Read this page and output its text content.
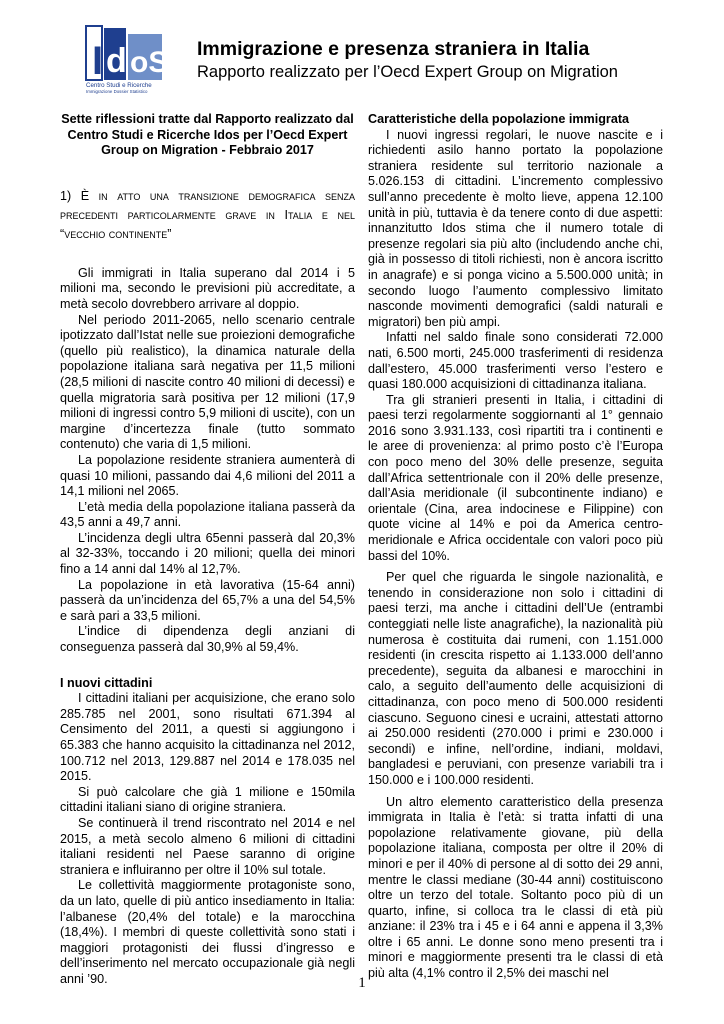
I d oS
Centro Studi e Ricerche
Immigrazione Dossier Statistico
Immigrazione e presenza straniera in Italia
Rapporto realizzato per l’Oecd Expert Group on Migration
Sette riflessioni tratte dal Rapporto realizzato dal Centro Studi e Ricerche Idos per l’Oecd Expert Group on Migration - Febbraio 2017
1) È in atto una transizione demografica senza precedenti particolarmente grave in Italia e nel “vecchio continente”

Gli immigrati in Italia superano dal 2014 i 5 milioni ma, secondo le previsioni più accreditate, a metà secolo dovrebbero arrivare al doppio.

Nel periodo 2011-2065, nello scenario centrale ipotizzato dall’Istat nelle sue proiezioni demografiche (quello più realistico), la dinamica naturale della popolazione italiana sarà negativa per 11,5 milioni (28,5 milioni di nascite contro 40 milioni di decessi) e quella migratoria sarà positiva per 12 milioni (17,9 milioni di ingressi contro 5,9 milioni di uscite), con un margine d’incertezza finale (tutto sommato contenuto) che varia di 1,5 milioni.

La popolazione residente straniera aumenterà di quasi 10 milioni, passando dai 4,6 milioni del 2011 a 14,1 milioni nel 2065.

L’età media della popolazione italiana passerà da 43,5 anni a 49,7 anni.

L’incidenza degli ultra 65enni passerà dal 20,3% al 32-33%, toccando i 20 milioni; quella dei minori fino a 14 anni dal 14% al 12,7%.

La popolazione in età lavorativa (15-64 anni) passerà da un’incidenza del 65,7% a una del 54,5% e sarà pari a 33,5 milioni.

L’indice di dipendenza degli anziani di conseguenza passerà dal 30,9% al 59,4%.

I nuovi cittadini

I cittadini italiani per acquisizione, che erano solo 285.785 nel 2001, sono risultati 671.394 al Censimento del 2011, a questi si aggiungono i 65.383 che hanno acquisito la cittadinanza nel 2012, 100.712 nel 2013, 129.887 nel 2014 e 178.035 nel 2015.

Si può calcolare che già 1 milione e 150mila cittadini italiani siano di origine straniera.

Se continuerà il trend riscontrato nel 2014 e nel 2015, a metà secolo almeno 6 milioni di cittadini italiani residenti nel Paese saranno di origine straniera e influiranno per oltre il 10% sul totale.

Le collettività maggiormente protagoniste sono, da un lato, quelle di più antico insediamento in Italia: l’albanese (20,4% del totale) e la marocchina (18,4%). I membri di queste collettività sono stati i maggiori protagonisti dei flussi d’ingresso e dell’inserimento nel mercato occupazionale già negli anni ’90.

Caratteristiche della popolazione immigrata

I nuovi ingressi regolari, le nuove nascite e i richiedenti asilo hanno portato la popolazione straniera residente sul territorio nazionale a 5.026.153 di cittadini. L’incremento complessivo sull’anno precedente è molto lieve, appena 12.100 unità in più, tuttavia è da tenere conto di due aspetti: innanzitutto Idos stima che il numero totale di presenze regolari sia più alto (includendo anche chi, già in possesso di titoli richiesti, non è ancora iscritto in anagrafe) e si ponga vicino a 5.500.000 unità; in secondo luogo l’aumento complessivo limitato nasconde movimenti demografici (saldi naturali e migratori) ben più ampi.

Infatti nel saldo finale sono considerati 72.000 nati, 6.500 morti, 245.000 trasferimenti di residenza dall’estero, 45.000 trasferimenti verso l’estero e quasi 180.000 acquisizioni di cittadinanza italiana.

Tra gli stranieri presenti in Italia, i cittadini di paesi terzi regolarmente soggiornanti al 1° gennaio 2016 sono 3.931.133, così ripartiti tra i continenti e le aree di provenienza: al primo posto c’è l’Europa con poco meno del 30% delle presenze, seguita dall’Africa settentrionale con il 20% delle presenze, dall’Asia meridionale (il subcontinente indiano) e orientale (Cina, area indocinese e Filippine) con quote vicine al 14% e poi da America centro-meridionale e Africa occidentale con valori poco più bassi del 10%.

Per quel che riguarda le singole nazionalità, e tenendo in considerazione non solo i cittadini di paesi terzi, ma anche i cittadini dell’Ue (entrambi conteggiati nelle liste anagrafiche), la nazionalità più numerosa è costituita dai rumeni, con 1.151.000 residenti (in crescita rispetto ai 1.133.000 dell’anno precedente), seguita da albanesi e marocchini in calo, a seguito dell’aumento delle acquisizioni di cittadinanza, con poco meno di 500.000 residenti ciascuno. Seguono cinesi e ucraini, attestati attorno ai 250.000 residenti (270.000 i primi e 230.000 i secondi) e infine, nell’ordine, indiani, moldavi, bangladesi e peruviani, con presenze variabili tra i 150.000 e i 100.000 residenti.

Un altro elemento caratteristico della presenza immigrata in Italia è l’età: si tratta infatti di una popolazione relativamente giovane, più della popolazione italiana, composta per oltre il 20% di minori e per il 40% di persone al di sotto dei 29 anni, mentre le classi mediane (30-44 anni) costituiscono oltre un terzo del totale. Soltanto poco più di un quarto, infine, si colloca tra le classi di età più anziane: il 23% tra i 45 e i 64 anni e appena il 3,3% oltre i 65 anni. Le donne sono meno presenti tra i minori e maggiormente presenti tra le classi di età più alta (4,1% contro il 2,5% dei maschi nel

1
